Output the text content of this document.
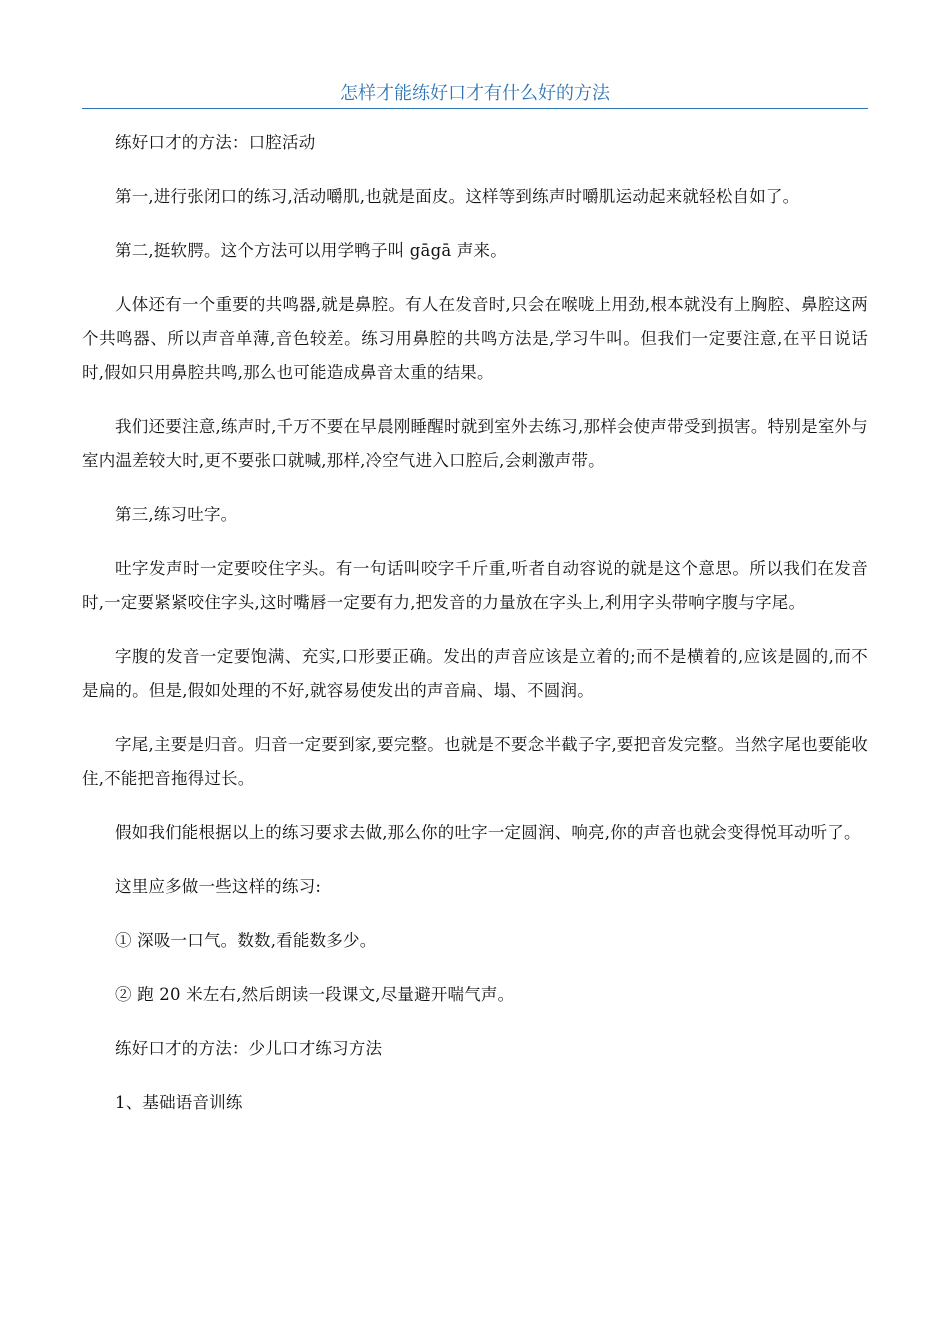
怎样才能练好口才有什么好的方法

练好口才的方法：口腔活动

第一,进行张闭口的练习,活动嚼肌,也就是面皮。这样等到练声时嚼肌运动起来就轻松自如了。

第二,挺软腭。这个方法可以用学鸭子叫 gāgā 声来。

人体还有一个重要的共鸣器,就是鼻腔。有人在发音时,只会在喉咙上用劲,根本就没有上胸腔、鼻腔这两个共鸣器、所以声音单薄,音色较差。练习用鼻腔的共鸣方法是,学习牛叫。但我们一定要注意,在平日说话时,假如只用鼻腔共鸣,那么也可能造成鼻音太重的结果。

我们还要注意,练声时,千万不要在早晨刚睡醒时就到室外去练习,那样会使声带受到损害。特别是室外与室内温差较大时,更不要张口就喊,那样,冷空气进入口腔后,会刺激声带。

第三,练习吐字。

吐字发声时一定要咬住字头。有一句话叫咬字千斤重,听者自动容说的就是这个意思。所以我们在发音时,一定要紧紧咬住字头,这时嘴唇一定要有力,把发音的力量放在字头上,利用字头带响字腹与字尾。

字腹的发音一定要饱满、充实,口形要正确。发出的声音应该是立着的;而不是横着的,应该是圆的,而不是扁的。但是,假如处理的不好,就容易使发出的声音扁、塌、不圆润。

字尾,主要是归音。归音一定要到家,要完整。也就是不要念半截子字,要把音发完整。当然字尾也要能收住,不能把音拖得过长。

假如我们能根据以上的练习要求去做,那么你的吐字一定圆润、响亮,你的声音也就会变得悦耳动听了。

这里应多做一些这样的练习:

① 深吸一口气。数数,看能数多少。

② 跑 20 米左右,然后朗读一段课文,尽量避开喘气声。

练好口才的方法：少儿口才练习方法

1、基础语音训练
